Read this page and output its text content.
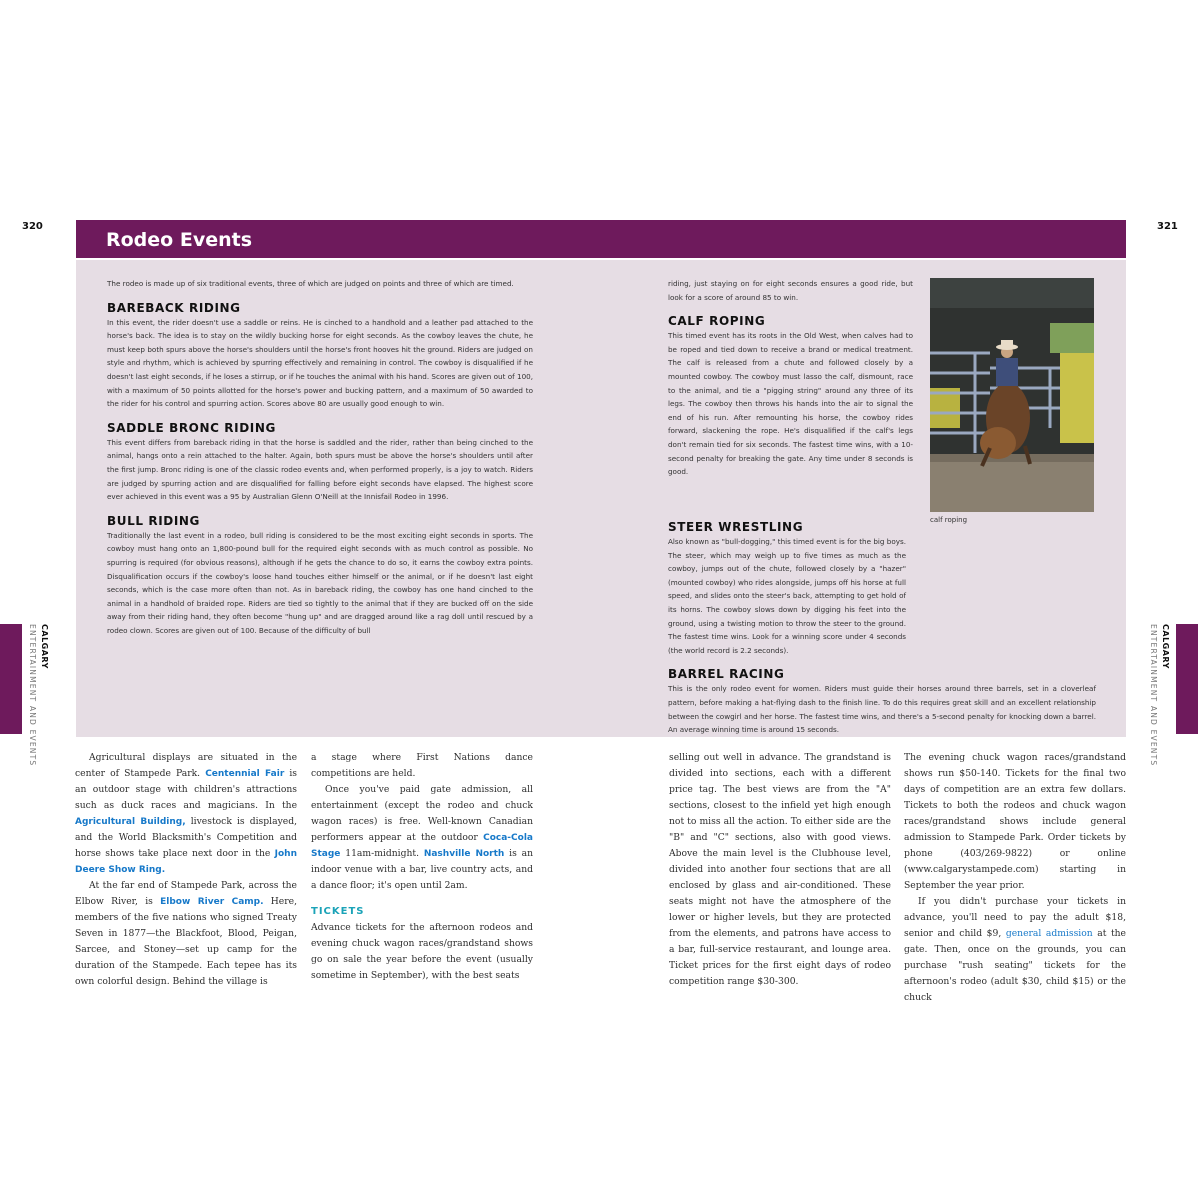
320	321
CALGARY
ENTERTAINMENT AND EVENTS	CALGARY
ENTERTAINMENT AND EVENTS
Rodeo Events

The rodeo is made up of six traditional events, three of which are judged on points and three of which are timed.

BAREBACK RIDING

In this event, the rider doesn't use a saddle or reins. He is cinched to a handhold and a leather pad attached to the horse's back. The idea is to stay on the wildly bucking horse for eight seconds. As the cowboy leaves the chute, he must keep both spurs above the horse's shoulders until the horse's front hooves hit the ground. Riders are judged on style and rhythm, which is achieved by spurring effectively and remaining in control. The cowboy is disqualified if he doesn't last eight seconds, if he loses a stirrup, or if he touches the animal with his hand. Scores are given out of 100, with a maximum of 50 points allotted for the horse's power and bucking pattern, and a maximum of 50 awarded to the rider for his control and spurring action. Scores above 80 are usually good enough to win.

SADDLE BRONC RIDING

This event differs from bareback riding in that the horse is saddled and the rider, rather than being cinched to the animal, hangs onto a rein attached to the halter. Again, both spurs must be above the horse's shoulders until after the first jump. Bronc riding is one of the classic rodeo events and, when performed properly, is a joy to watch. Riders are judged by spurring action and are disqualified for falling before eight seconds have elapsed. The highest score ever achieved in this event was a 95 by Australian Glenn O'Neill at the Innisfail Rodeo in 1996.

BULL RIDING

Traditionally the last event in a rodeo, bull riding is considered to be the most exciting eight seconds in sports. The cowboy must hang onto an 1,800-pound bull for the required eight seconds with as much control as possible. No spurring is required (for obvious reasons), although if he gets the chance to do so, it earns the cowboy extra points. Disqualification occurs if the cowboy's loose hand touches either himself or the animal, or if he doesn't last eight seconds, which is the case more often than not. As in bareback riding, the cowboy has one hand cinched to the animal in a handhold of braided rope. Riders are tied so tightly to the animal that if they are bucked off on the side away from their riding hand, they often become "hung up" and are dragged around like a rag doll until rescued by a rodeo clown. Scores are given out of 100. Because of the difficulty of bull

riding, just staying on for eight seconds ensures a good ride, but look for a score of around 85 to win.

CALF ROPING

This timed event has its roots in the Old West, when calves had to be roped and tied down to receive a brand or medical treatment. The calf is released from a chute and followed closely by a mounted cowboy. The cowboy must lasso the calf, dismount, race to the animal, and tie a "pigging string" around any three of its legs. The cowboy then throws his hands into the air to signal the end of his run. After remounting his horse, the cowboy rides forward, slackening the rope. He's disqualified if the calf's legs don't remain tied for six seconds. The fastest time wins, with a 10-second penalty for breaking the gate. Any time under 8 seconds is good.

calf roping
STEER WRESTLING

Also known as "bull-dogging," this timed event is for the big boys. The steer, which may weigh up to five times as much as the cowboy, jumps out of the chute, followed closely by a "hazer" (mounted cowboy) who rides alongside, jumps off his horse at full speed, and slides onto the steer's back, attempting to get hold of its horns. The cowboy slows down by digging his feet into the ground, using a twisting motion to throw the steer to the ground. The fastest time wins. Look for a winning score under 4 seconds (the world record is 2.2 seconds).

BARREL RACING

This is the only rodeo event for women. Riders must guide their horses around three barrels, set in a cloverleaf pattern, before making a hat-flying dash to the finish line. To do this requires great skill and an excellent relationship between the cowgirl and her horse. The fastest time wins, and there's a 5-second penalty for knocking down a barrel. An average winning time is around 15 seconds.

Agricultural displays are situated in the center of Stampede Park. Centennial Fair is an outdoor stage with children's attractions such as duck races and magicians. In the Agricultural Building, livestock is displayed, and the World Blacksmith's Competition and horse shows take place next door in the John Deere Show Ring.

At the far end of Stampede Park, across the Elbow River, is Elbow River Camp. Here, members of the five nations who signed Treaty Seven in 1877—the Blackfoot, Blood, Peigan, Sarcee, and Stoney—set up camp for the duration of the Stampede. Each tepee has its own colorful design. Behind the village is

a stage where First Nations dance competitions are held.

Once you've paid gate admission, all entertainment (except the rodeo and chuck wagon races) is free. Well-known Canadian performers appear at the outdoor Coca-Cola Stage 11am-midnight. Nashville North is an indoor venue with a bar, live country acts, and a dance floor; it's open until 2am.

TICKETS

Advance tickets for the afternoon rodeos and evening chuck wagon races/grandstand shows go on sale the year before the event (usually sometime in September), with the best seats

selling out well in advance. The grandstand is divided into sections, each with a different price tag. The best views are from the "A" sections, closest to the infield yet high enough not to miss all the action. To either side are the "B" and "C" sections, also with good views. Above the main level is the Clubhouse level, divided into another four sections that are all enclosed by glass and air-conditioned. These seats might not have the atmosphere of the lower or higher levels, but they are protected from the elements, and patrons have access to a bar, full-service restaurant, and lounge area. Ticket prices for the first eight days of rodeo competition range $30-300.

The evening chuck wagon races/grandstand shows run $50-140. Tickets for the final two days of competition are an extra few dollars. Tickets to both the rodeos and chuck wagon races/grandstand shows include general admission to Stampede Park. Order tickets by phone (403/269-9822) or online (www.calgarystampede.com) starting in September the year prior.

If you didn't purchase your tickets in advance, you'll need to pay the adult $18, senior and child $9, general admission at the gate. Then, once on the grounds, you can purchase "rush seating" tickets for the afternoon's rodeo (adult $30, child $15) or the chuck
